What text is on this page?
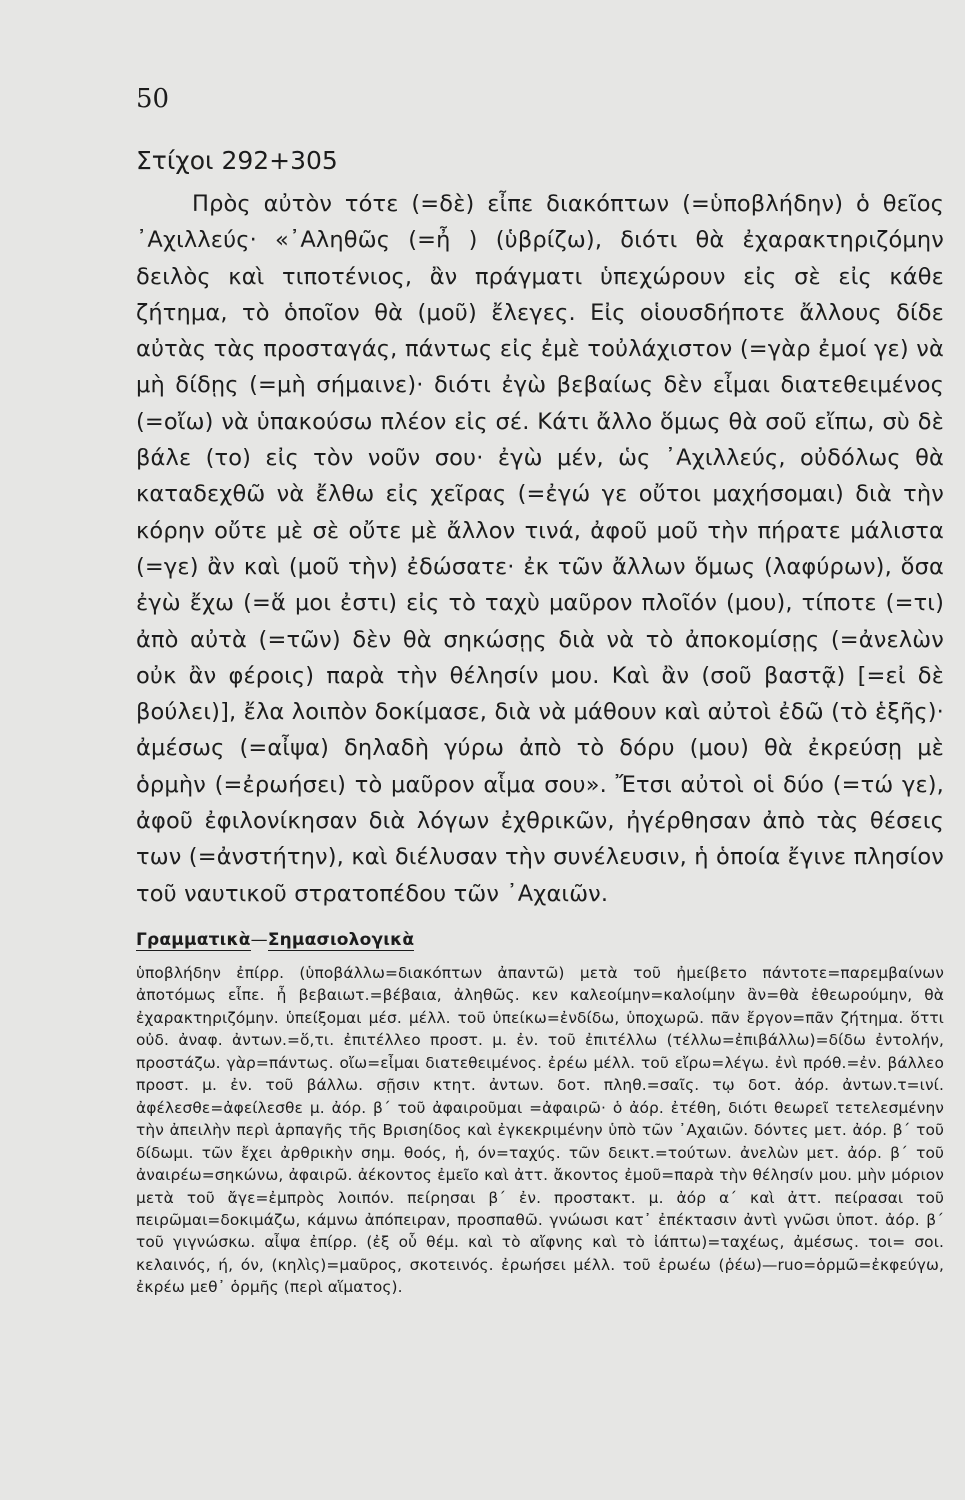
50
Στίχοι 292+305

Πρὸς αὐτὸν τότε (=δὲ) εἶπε διακόπτων (=ὑποβλήδην) ὁ θεῖος ᾿Αχιλλεύς· «᾿Αληθῶς (=ἦ ) (ὑβρίζω), διότι θὰ ἐχαρακτηριζόμην δειλὸς καὶ τιποτένιος, ἂν πράγματι ὑπεχώρουν εἰς σὲ εἰς κάθε ζήτημα, τὸ ὁποῖον θὰ (μοῦ) ἔλεγες. Εἰς οἱουσδήποτε ἄλλους δίδε αὐτὰς τὰς προσταγάς, πάντως εἰς ἐμὲ τοὐλάχιστον (=γὰρ ἐμοί γε) νὰ μὴ δίδῃς (=μὴ σήμαινε)· διότι ἐγὼ βεβαίως δὲν εἶμαι διατεθειμένος (=οἴω) νὰ ὑπακούσω πλέον εἰς σέ. Κάτι ἄλλο ὅμως θὰ σοῦ εἴπω, σὺ δὲ βάλε (το) εἰς τὸν νοῦν σου· ἐγὼ μέν, ὡς ᾿Αχιλλεύς, οὐδόλως θὰ καταδεχθῶ νὰ ἔλθω εἰς χεῖρας (=ἐγώ γε οὔτοι μαχήσομαι) διὰ τὴν κόρην οὔτε μὲ σὲ οὔτε μὲ ἄλλον τινά, ἀφοῦ μοῦ τὴν πήρατε μάλιστα (=γε) ἂν καὶ (μοῦ τὴν) ἐδώσατε· ἐκ τῶν ἄλλων ὅμως (λαφύρων), ὅσα ἐγὼ ἔχω (=ἅ μοι ἐστι) εἰς τὸ ταχὺ μαῦρον πλοῖόν (μου), τίποτε (=τι) ἀπὸ αὐτὰ (=τῶν) δὲν θὰ σηκώσῃς διὰ νὰ τὸ ἀποκομίσῃς (=ἀνελὼν οὐκ ἂν φέροις) παρὰ τὴν θέλησίν μου. Καὶ ἂν (σοῦ βαστᾷ) [=εἰ δὲ βούλει)], ἔλα λοιπὸν δοκίμασε, διὰ νὰ μάθουν καὶ αὐτοὶ ἐδῶ (τὸ ἑξῆς)· ἀμέσως (=αἶψα) δηλαδὴ γύρω ἀπὸ τὸ δόρυ (μου) θὰ ἐκρεύσῃ μὲ ὁρμὴν (=ἐρωήσει) τὸ μαῦρον αἷμα σου». Ἔτσι αὐτοὶ οἱ δύο (=τώ γε), ἀφοῦ ἐφιλονίκησαν διὰ λόγων ἐχθρικῶν, ἠγέρθησαν ἀπὸ τὰς θέσεις των (=ἀνστήτην), καὶ διέλυσαν τὴν συνέλευσιν, ἡ ὁποία ἔγινε πλησίον τοῦ ναυτικοῦ στρατοπέδου τῶν ᾿Αχαιῶν.

Γραμματικὰ—Σημασιολογικὰ

ὑποβλήδην ἐπίρρ. (ὑποβάλλω=διακόπτων ἀπαντῶ) μετὰ τοῦ ἠμείβετο πάντοτε=παρεμβαίνων ἀποτόμως εἶπε. ἦ βεβαιωτ.=βέβαια, ἀληθῶς. κεν καλεοίμην=καλοίμην ἂν=θὰ ἐθεωρούμην, θὰ ἐχαρακτηριζόμην. ὑπείξομαι μέσ. μέλλ. τοῦ ὑπείκω=ἐνδίδω, ὑποχωρῶ. πᾶν ἔργον=πᾶν ζήτημα. ὅττι οὐδ. ἀναφ. ἀντων.=ὅ,τι. ἐπιτέλλεο προστ. μ. ἐν. τοῦ ἐπιτέλλω (τέλλω=ἐπιβάλλω)=δίδω ἐντολήν, προστάζω. γὰρ=πάντως. οἴω=εἶμαι διατεθειμένος. ἐρέω μέλλ. τοῦ εἴρω=λέγω. ἐνὶ πρόθ.=ἐν. βάλλεο προστ. μ. ἐν. τοῦ βάλλω. σῇσιν κτητ. ἀντων. δοτ. πληθ.=σαῖς. τῳ δοτ. ἀόρ. ἀντων.τ=ινί. ἀφέλεσθε=ἀφείλεσθε μ. ἀόρ. β΄ τοῦ ἀφαιροῦμαι =ἀφαιρῶ· ὁ ἀόρ. ἐτέθη, διότι θεωρεῖ τετελεσμένην τὴν ἀπειλὴν περὶ ἁρπαγῆς τῆς Βρισηίδος καὶ ἐγκεκριμένην ὑπὸ τῶν ᾿Αχαιῶν. δόντες μετ. ἀόρ. β΄ τοῦ δίδωμι. τῶν ἔχει ἀρθρικὴν σημ. θοός, ἡ, όν=ταχύς. τῶν δεικτ.=τούτων. ἀνελὼν μετ. ἀόρ. β΄ τοῦ ἀναιρέω=σηκώνω, ἀφαιρῶ. ἀέκοντος ἐμεῖο καὶ ἀττ. ἄκοντος ἐμοῦ=παρὰ τὴν θέλησίν μου. μὴν μόριον μετὰ τοῦ ἄγε=ἐμπρὸς λοιπόν. πείρησαι β΄ ἐν. προστακτ. μ. ἀόρ α΄ καὶ ἀττ. πείρασαι τοῦ πειρῶμαι=δοκιμάζω, κάμνω ἀπόπειραν, προσπαθῶ. γνώωσι κατ᾿ ἐπέκτασιν ἀντὶ γνῶσι ὑποτ. ἀόρ. β΄ τοῦ γιγνώσκω. αἶψα ἐπίρρ. (ἐξ οὗ θέμ. καὶ τὸ αἴφνης καὶ τὸ ἰάπτω)=ταχέως, ἀμέσως. τοι= σοι. κελαινός, ή, όν, (κηλὶς)=μαῦρος, σκοτεινός. ἐρωήσει μέλλ. τοῦ ἐρωέω (ῥέω)—ruo=ὁρμῶ=ἐκφεύγω, ἐκρέω μεθ᾿ ὁρμῆς (περὶ αἵματος).
